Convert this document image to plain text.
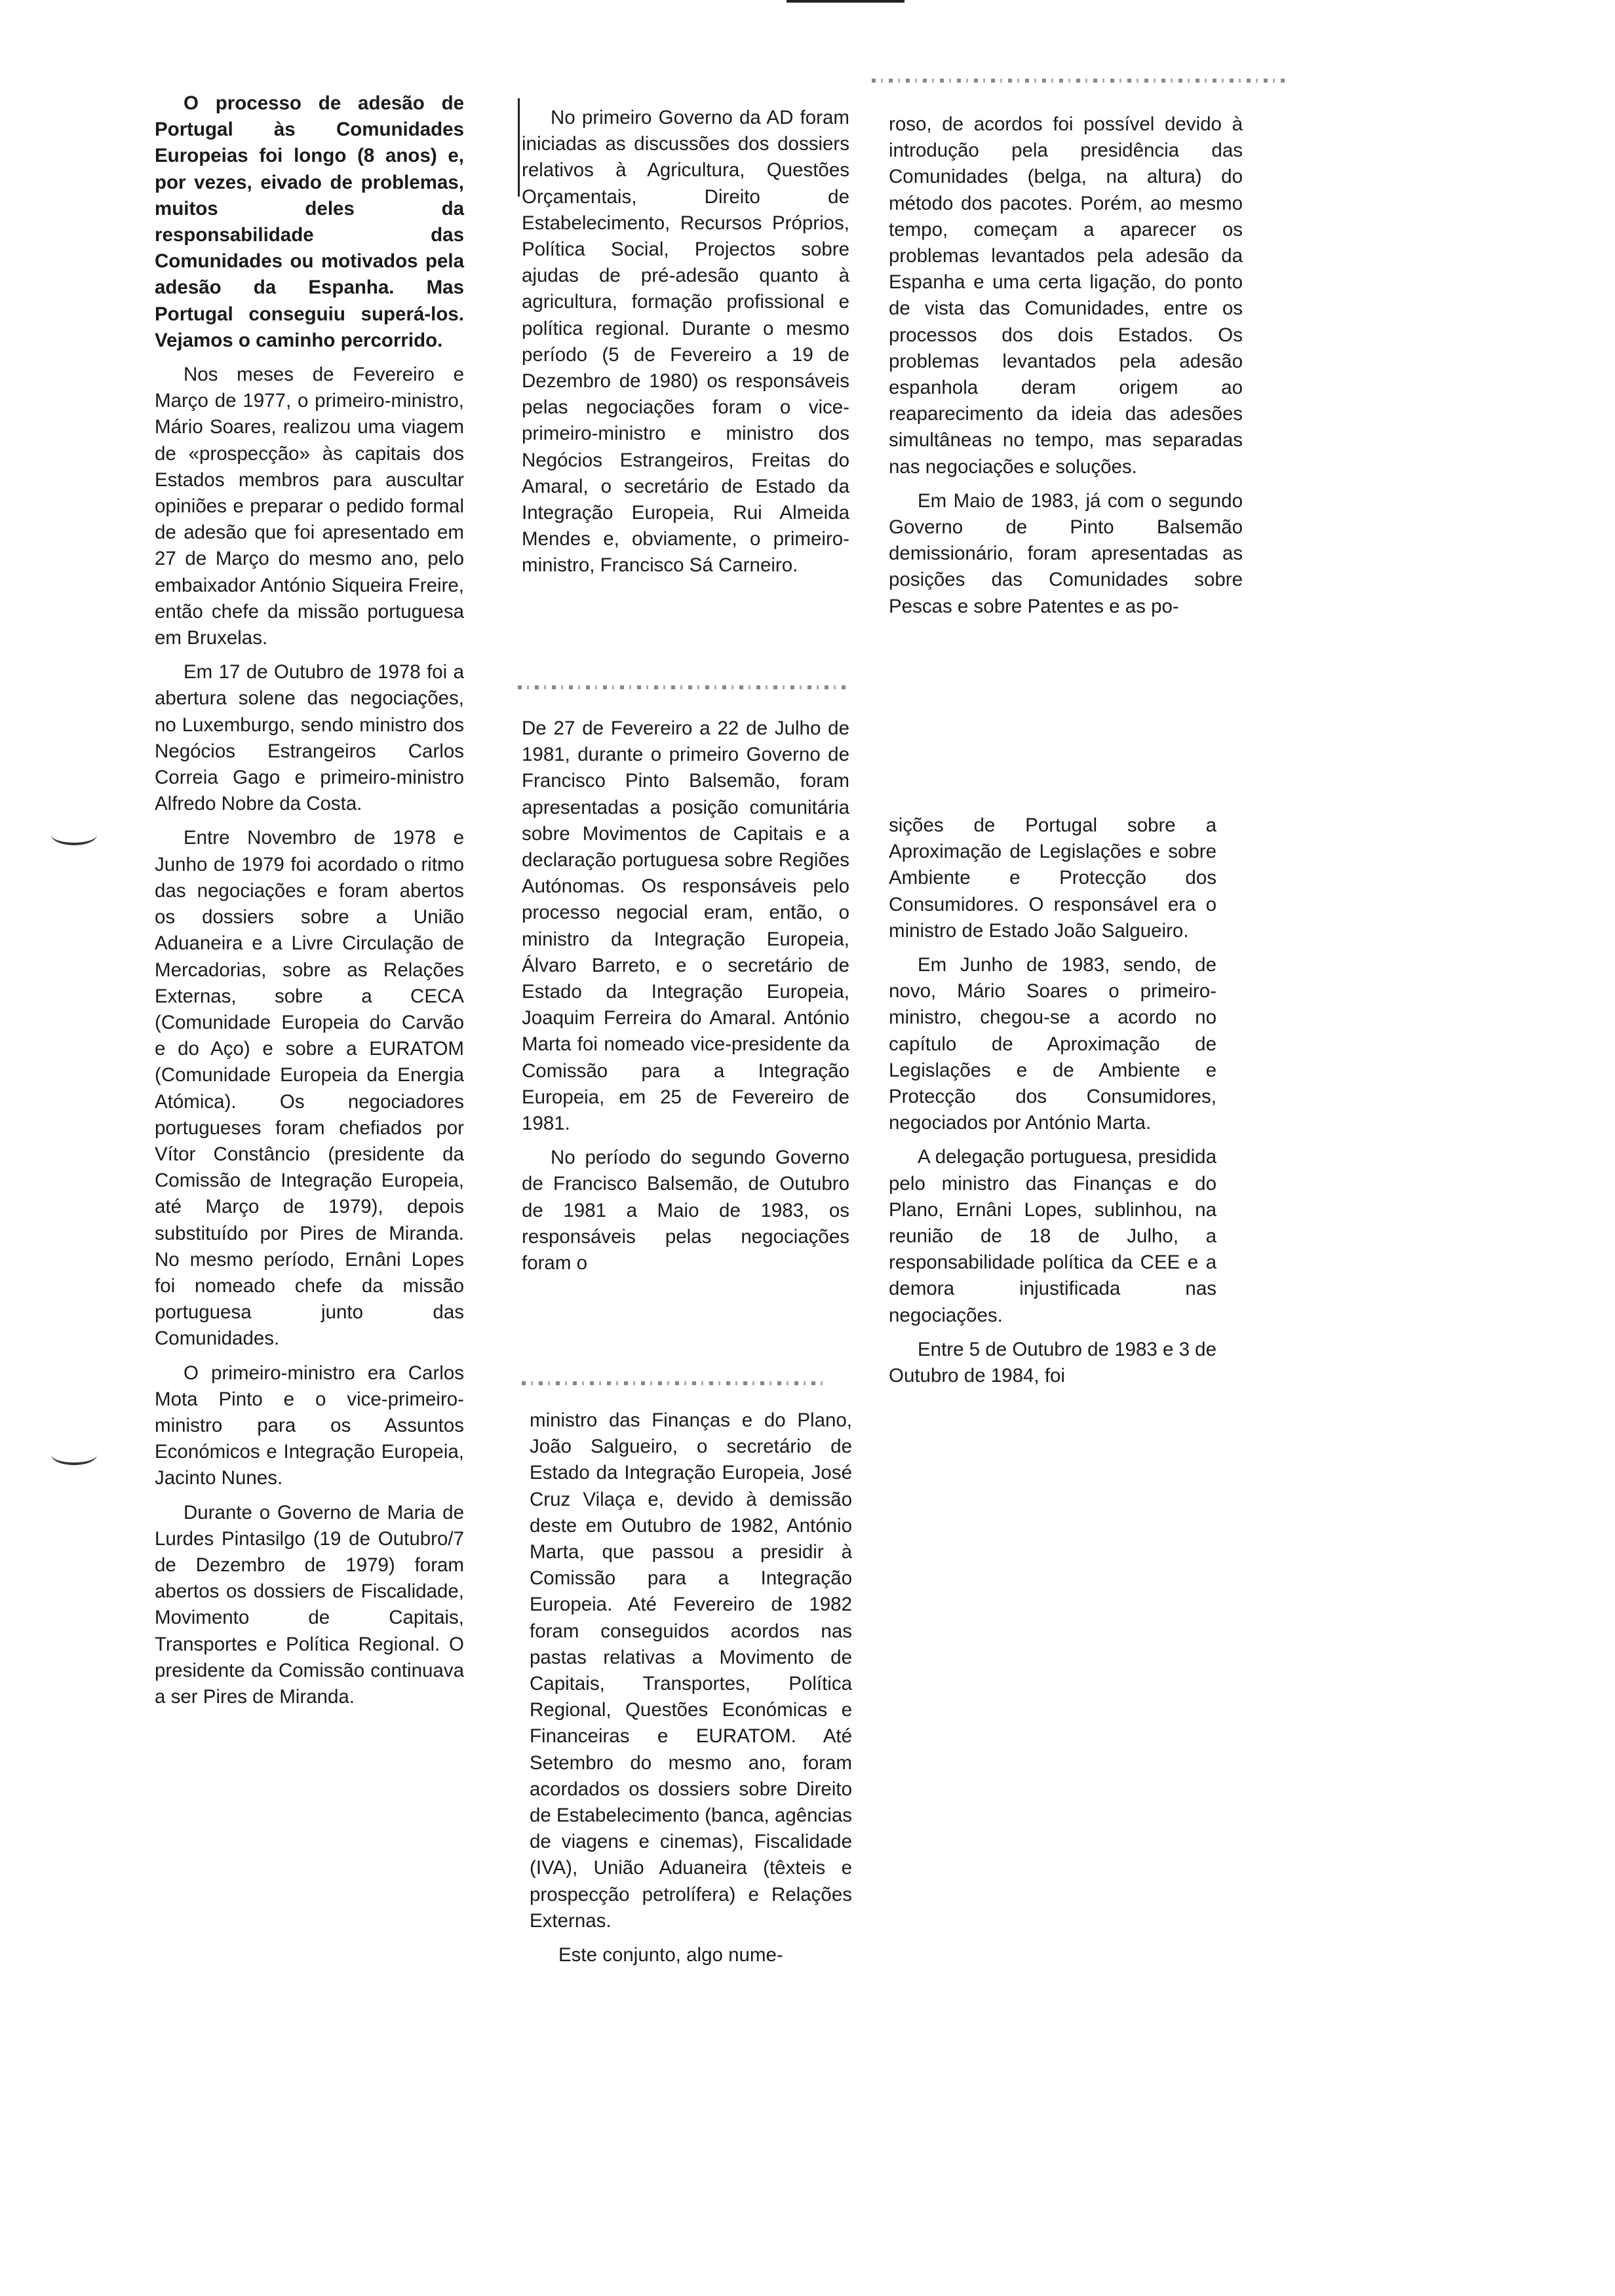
O processo de adesão de Portugal às Comunidades Europeias foi longo (8 anos) e, por vezes, eivado de problemas, muitos deles da responsabilidade das Comunidades ou motivados pela adesão da Espanha. Mas Portugal conseguiu superá-los. Vejamos o caminho percorrido.

Nos meses de Fevereiro e Março de 1977, o primeiro-ministro, Mário Soares, realizou uma viagem de «prospecção» às capitais dos Estados membros para auscultar opiniões e preparar o pedido formal de adesão que foi apresentado em 27 de Março do mesmo ano, pelo embaixador António Siqueira Freire, então chefe da missão portuguesa em Bruxelas.

Em 17 de Outubro de 1978 foi a abertura solene das negociações, no Luxemburgo, sendo ministro dos Negócios Estrangeiros Carlos Correia Gago e primeiro-ministro Alfredo Nobre da Costa.

Entre Novembro de 1978 e Junho de 1979 foi acordado o ritmo das negociações e foram abertos os dossiers sobre a União Aduaneira e a Livre Circulação de Mercadorias, sobre as Relações Externas, sobre a CECA (Comunidade Europeia do Carvão e do Aço) e sobre a EURATOM (Comunidade Europeia da Energia Atómica). Os negociadores portugueses foram chefiados por Vítor Constâncio (presidente da Comissão de Integração Europeia, até Março de 1979), depois substituído por Pires de Miranda. No mesmo período, Ernâni Lopes foi nomeado chefe da missão portuguesa junto das Comunidades.

O primeiro-ministro era Carlos Mota Pinto e o vice-primeiro-ministro para os Assuntos Económicos e Integração Europeia, Jacinto Nunes.

Durante o Governo de Maria de Lurdes Pintasilgo (19 de Outubro/7 de Dezembro de 1979) foram abertos os dossiers de Fiscalidade, Movimento de Capitais, Transportes e Política Regional. O presidente da Comissão continuava a ser Pires de Miranda.

No primeiro Governo da AD foram iniciadas as discussões dos dossiers relativos à Agricultura, Questões Orçamentais, Direito de Estabelecimento, Recursos Próprios, Política Social, Projectos sobre ajudas de pré-adesão quanto à agricultura, formação profissional e política regional. Durante o mesmo período (5 de Fevereiro a 19 de Dezembro de 1980) os responsáveis pelas negociações foram o vice-primeiro-ministro e ministro dos Negócios Estrangeiros, Freitas do Amaral, o secretário de Estado da Integração Europeia, Rui Almeida Mendes e, obviamente, o primeiro-ministro, Francisco Sá Carneiro.

De 27 de Fevereiro a 22 de Julho de 1981, durante o primeiro Governo de Francisco Pinto Balsemão, foram apresentadas a posição comunitária sobre Movimentos de Capitais e a declaração portuguesa sobre Regiões Autónomas. Os responsáveis pelo processo negocial eram, então, o ministro da Integração Europeia, Álvaro Barreto, e o secretário de Estado da Integração Europeia, Joaquim Ferreira do Amaral. António Marta foi nomeado vice-presidente da Comissão para a Integração Europeia, em 25 de Fevereiro de 1981.

No período do segundo Governo de Francisco Balsemão, de Outubro de 1981 a Maio de 1983, os responsáveis pelas negociações foram o

ministro das Finanças e do Plano, João Salgueiro, o secretário de Estado da Integração Europeia, José Cruz Vilaça e, devido à demissão deste em Outubro de 1982, António Marta, que passou a presidir à Comissão para a Integração Europeia. Até Fevereiro de 1982 foram conseguidos acordos nas pastas relativas a Movimento de Capitais, Transportes, Política Regional, Questões Económicas e Financeiras e EURATOM. Até Setembro do mesmo ano, foram acordados os dossiers sobre Direito de Estabelecimento (banca, agências de viagens e cinemas), Fiscalidade (IVA), União Aduaneira (têxteis e prospecção petrolífera) e Relações Externas.

Este conjunto, algo nume-

roso, de acordos foi possível devido à introdução pela presidência das Comunidades (belga, na altura) do método dos pacotes. Porém, ao mesmo tempo, começam a aparecer os problemas levantados pela adesão da Espanha e uma certa ligação, do ponto de vista das Comunidades, entre os processos dos dois Estados. Os problemas levantados pela adesão espanhola deram origem ao reaparecimento da ideia das adesões simultâneas no tempo, mas separadas nas negociações e soluções.

Em Maio de 1983, já com o segundo Governo de Pinto Balsemão demissionário, foram apresentadas as posições das Comunidades sobre Pescas e sobre Patentes e as po-

sições de Portugal sobre a Aproximação de Legislações e sobre Ambiente e Protecção dos Consumidores. O responsável era o ministro de Estado João Salgueiro.

Em Junho de 1983, sendo, de novo, Mário Soares o primeiro-ministro, chegou-se a acordo no capítulo de Aproximação de Legislações e de Ambiente e Protecção dos Consumidores, negociados por António Marta.

A delegação portuguesa, presidida pelo ministro das Finanças e do Plano, Ernâni Lopes, sublinhou, na reunião de 18 de Julho, a responsabilidade política da CEE e a demora injustificada nas negociações.

Entre 5 de Outubro de 1983 e 3 de Outubro de 1984, foi
